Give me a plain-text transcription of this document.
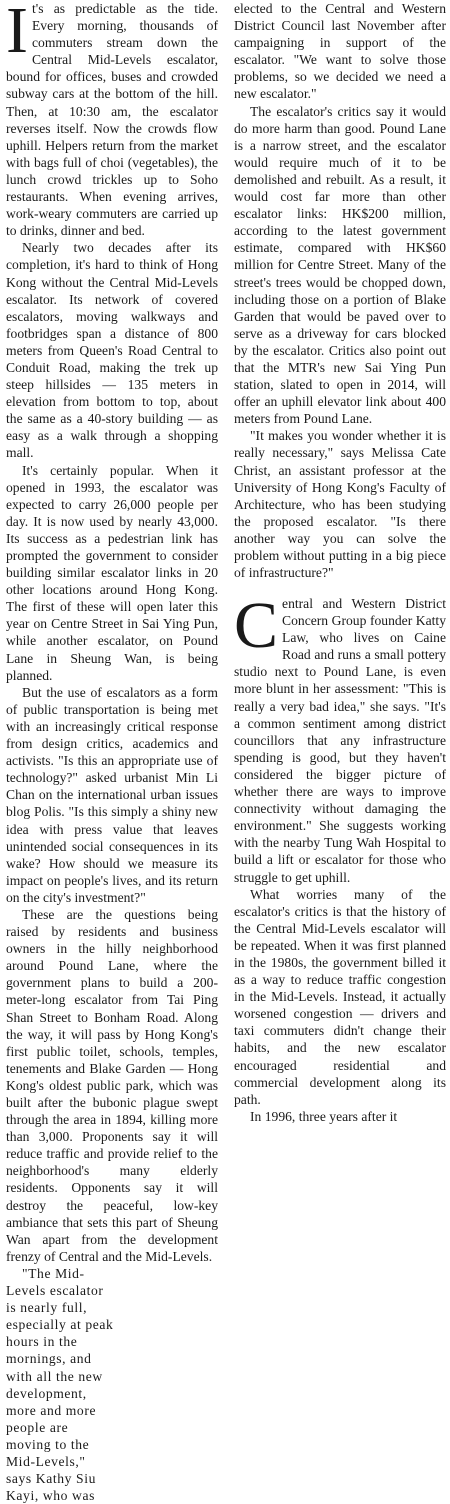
It's as predictable as the tide. Every morning, thousands of commuters stream down the Central Mid-Levels escalator, bound for offices, buses and crowded subway cars at the bottom of the hill. Then, at 10:30 am, the escalator reverses itself. Now the crowds flow uphill. Helpers return from the market with bags full of choi (vegetables), the lunch crowd trickles up to Soho restaurants. When evening arrives, work-weary commuters are carried up to drinks, dinner and bed.

Nearly two decades after its completion, it's hard to think of Hong Kong without the Central Mid-Levels escalator. Its network of covered escalators, moving walkways and footbridges span a distance of 800 meters from Queen's Road Central to Conduit Road, making the trek up steep hillsides — 135 meters in elevation from bottom to top, about the same as a 40-story building — as easy as a walk through a shopping mall.

It's certainly popular. When it opened in 1993, the escalator was expected to carry 26,000 people per day. It is now used by nearly 43,000. Its success as a pedestrian link has prompted the government to consider building similar escalator links in 20 other locations around Hong Kong. The first of these will open later this year on Centre Street in Sai Ying Pun, while another escalator, on Pound Lane in Sheung Wan, is being planned.

But the use of escalators as a form of public transportation is being met with an increasingly critical response from design critics, academics and activists. "Is this an appropriate use of technology?" asked urbanist Min Li Chan on the international urban issues blog Polis. "Is this simply a shiny new idea with press value that leaves unintended social consequences in its wake? How should we measure its impact on people's lives, and its return on the city's investment?"

These are the questions being raised by residents and business owners in the hilly neighborhood around Pound Lane, where the government plans to build a 200-meter-long escalator from Tai Ping Shan Street to Bonham Road. Along the way, it will pass by Hong Kong's first public toilet, schools, temples, tenements and Blake Garden — Hong Kong's oldest public park, which was built after the bubonic plague swept through the area in 1894, killing more than 3,000. Proponents say it will reduce traffic and provide relief to the neighborhood's many elderly residents. Opponents say it will destroy the peaceful, low-key ambiance that sets this part of Sheung Wan apart from the development frenzy of Central and the Mid-Levels.

"The Mid-Levels escalator is nearly full, especially at peak hours in the mornings, and with all the new development, more and more people are moving to the Mid-Levels," says Kathy Siu Kayi, who was

elected to the Central and Western District Council last November after campaigning in support of the escalator. "We want to solve those problems, so we decided we need a new escalator."

The escalator's critics say it would do more harm than good. Pound Lane is a narrow street, and the escalator would require much of it to be demolished and rebuilt. As a result, it would cost far more than other escalator links: HK$200 million, according to the latest government estimate, compared with HK$60 million for Centre Street. Many of the street's trees would be chopped down, including those on a portion of Blake Garden that would be paved over to serve as a driveway for cars blocked by the escalator. Critics also point out that the MTR's new Sai Ying Pun station, slated to open in 2014, will offer an uphill elevator link about 400 meters from Pound Lane.

"It makes you wonder whether it is really necessary," says Melissa Cate Christ, an assistant professor at the University of Hong Kong's Faculty of Architecture, who has been studying the proposed escalator. "Is there another way you can solve the problem without putting in a big piece of infrastructure?"

Central and Western District Concern Group founder Katty Law, who lives on Caine Road and runs a small pottery studio next to Pound Lane, is even more blunt in her assessment: "This is really a very bad idea," she says. "It's a common sentiment among district councillors that any infrastructure spending is good, but they haven't considered the bigger picture of whether there are ways to improve connectivity without damaging the environment." She suggests working with the nearby Tung Wah Hospital to build a lift or escalator for those who struggle to get uphill.

What worries many of the escalator's critics is that the history of the Central Mid-Levels escalator will be repeated. When it was first planned in the 1980s, the government billed it as a way to reduce traffic congestion in the Mid-Levels. Instead, it actually worsened congestion — drivers and taxi commuters didn't change their habits, and the new escalator encouraged residential and commercial development along its path.

In 1996, three years after it
